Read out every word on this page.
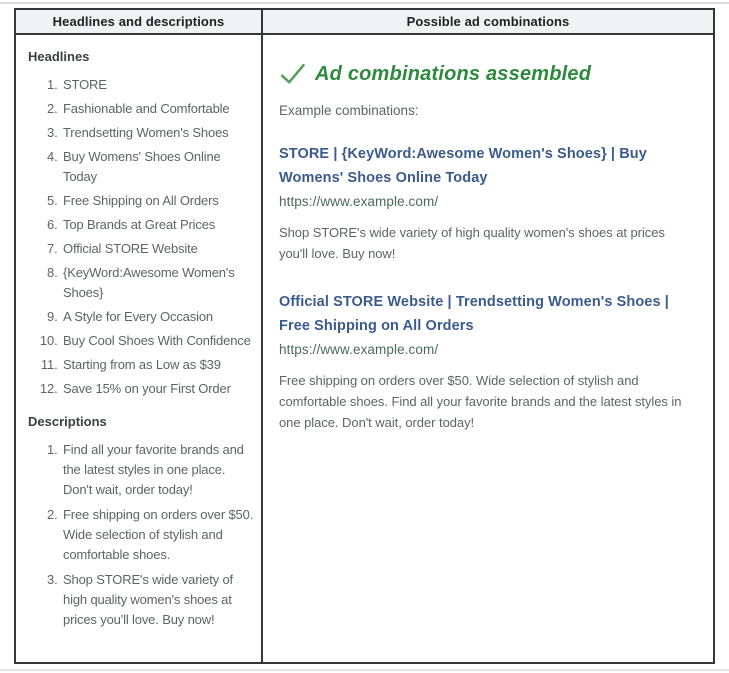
Headlines and descriptions	Possible ad combinations
Headlines
1. STORE
2. Fashionable and Comfortable
3. Trendsetting Women's Shoes
4. Buy Womens' Shoes Online Today
5. Free Shipping on All Orders
6. Top Brands at Great Prices
7. Official STORE Website
8. {KeyWord:Awesome Women's Shoes}
9. A Style for Every Occasion
10. Buy Cool Shoes With Confidence
11. Starting from as Low as $39
12. Save 15% on your First Order
Descriptions
1. Find all your favorite brands and the latest styles in one place. Don't wait, order today!
2. Free shipping on orders over $50. Wide selection of stylish and comfortable shoes.
3. Shop STORE's wide variety of high quality women's shoes at prices you'll love. Buy now!
Ad combinations assembled

Example combinations:

STORE | {KeyWord:Awesome Women's Shoes} | Buy
Womens' Shoes Online Today
https://www.example.com/

Shop STORE's wide variety of high quality women's shoes at prices you'll love. Buy now!

Official STORE Website | Trendsetting Women's Shoes |
Free Shipping on All Orders
https://www.example.com/

Free shipping on orders over $50. Wide selection of stylish and comfortable shoes. Find all your favorite brands and the latest styles in one place. Don't wait, order today!
